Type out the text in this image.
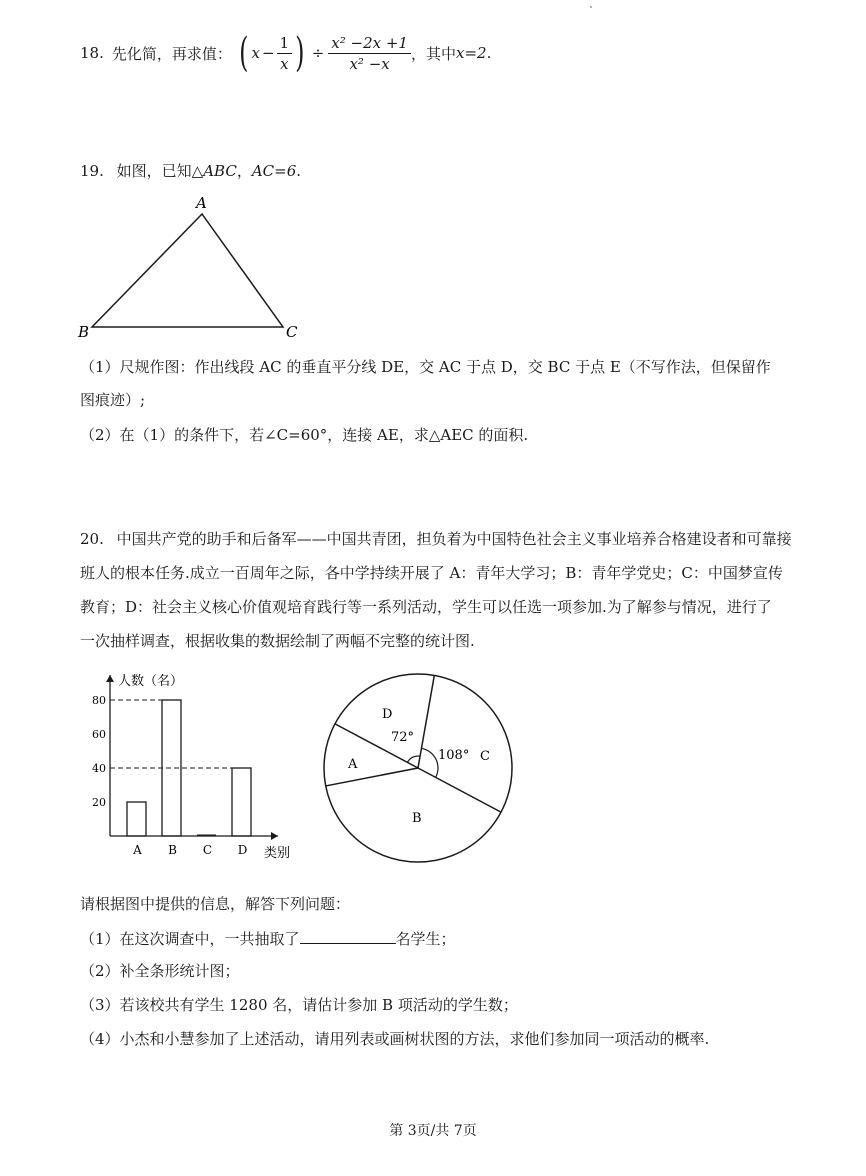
18. 先化简，再求值： ( $x - \frac{1}{x}$ ) ÷ $\frac{\text{x² −2x +1}}{\text{x² −x}}$ ，其中 x=2 .
19. 如图，已知△ABC，AC=6.
A
B	C
（1）尺规作图：作出线段 AC 的垂直平分线 DE，交 AC 于点 D，交 BC 于点 E（不写作法，但保留作
图痕迹）;
（2）在（1）的条件下，若∠C=60°，连接 AE，求△AEC 的面积.
20. 中国共产党的助手和后备军——中国共青团，担负着为中国特色社会主义事业培养合格建设者和可靠接
班人的根本任务.成立一百周年之际，各中学持续开展了 A：青年大学习；B：青年学党史；C：中国梦宣传
教育；D：社会主义核心价值观培育践行等一系列活动，学生可以任选一项参加.为了解参与情况，进行了
一次抽样调查，根据收集的数据绘制了两幅不完整的统计图.
人数（名）
类别
20
40
60
80
A B C D
108°
72°
A
B
C
D
请根据图中提供的信息，解答下列问题：
（1）在这次调查中，一共抽取了	名学生；
（2）补全条形统计图；
（3）若该校共有学生 1280 名，请估计参加 B 项活动的学生数；
（4）小杰和小慧参加了上述活动，请用列表或画树状图的方法，求他们参加同一项活动的概率.
第 3页/共 7页
